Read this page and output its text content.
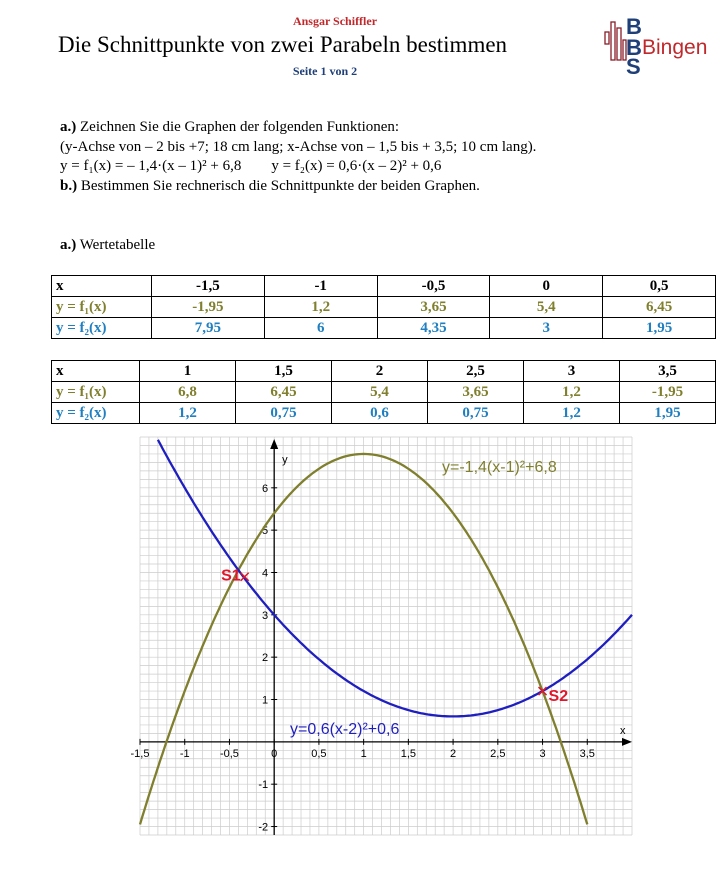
Ansgar Schiffler
Die Schnittpunkte von zwei Parabeln bestimmen
Seite 1 von 2
B
B
S
Bingen
a.) Zeichnen Sie die Graphen der folgenden Funktionen:
(y-Achse von – 2 bis +7; 18 cm lang; x-Achse von – 1,5 bis + 3,5; 10 cm lang).
y = f₁(x) = – 1,4·(x – 1)² + 6,8 y = f₂(x) = 0,6·(x – 2)² + 0,6
b.) Bestimmen Sie rechnerisch die Schnittpunkte der beiden Graphen.
a.) Wertetabelle
x	-1,5	-1	-0,5	0	0,5
y = f₁(x)	-1,95	1,2	3,65	5,4	6,45
y = f₂(x)	7,95	6	4,35	3	1,95
x	1	1,5	2	2,5	3	3,5
y = f₁(x)	6,8	6,45	5,4	3,65	1,2	-1,95
y = f₂(x)	1,2	0,75	0,6	0,75	1,2	1,95
x
y
-1,5	-1	-0,5	0	0,5	1	1,5	2	2,5	3	3,5
-2
-1
1
2
3
4
5
6
y=-1,4(x-1)²+6,8
y=0,6(x-2)²+0,6
S1
S2
